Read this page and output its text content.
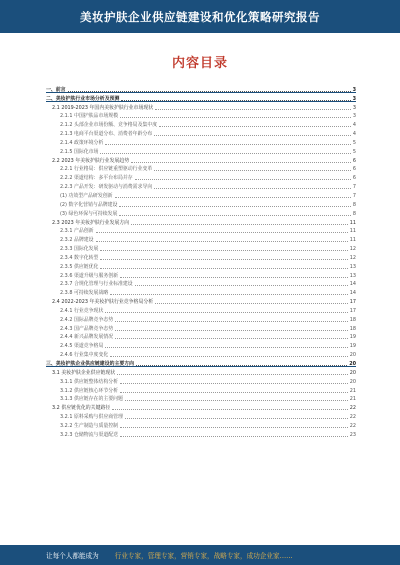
美妆护肤企业供应链建设和优化策略研究报告
内容目录
一、前言	3
二、美妆护肤行业市场分析及预测	3
2.1 2019-2023 年国内美妆护肤行业市场现状	3
2.1.1 中国护肤品市场规模	3
2.1.2 头部企业市场份额、竞争格局及集中度	4
2.1.3 电商平台渠道分布、消费者年龄分布	4
2.1.4 政策环境分析	5
2.1.5 国际化市场	5
2.2 2023 年美妆护肤行业发展趋势	6
2.2.1 行业格局：供应链重塑驱动行业变革	6
2.2.2 渠道结构：多平台布局并存	6
2.2.3 产品开发：研发驱动与消费需求导向	7
(1) 功效型产品研发创新	7
(2) 数字化营销与品牌建设	8
(3) 绿色环保与可持续发展	8
2.3 2023 年美妆护肤行业发展方向	11
2.3.1 产品创新	11
2.3.2 品牌建设	11
2.3.3 国际化发展	12
2.3.4 数字化转型	12
2.3.5 供应链优化	13
2.3.6 渠道升级与服务创新	13
2.3.7 合规化管理与行业标准建设	14
2.3.8 可持续发展战略	14
2.4 2022-2023 年美妆护肤行业竞争格局分析	17
2.4.1 行业竞争现状	17
2.4.2 国际品牌竞争态势	18
2.4.3 国产品牌竞争态势	18
2.4.4 新兴品牌发展情况	19
2.4.5 渠道竞争格局	19
2.4.6 行业集中度变化	20
三、美妆护肤企业供应链建设的主要方向	20
3.1 美妆护肤企业供应链现状	20
3.1.1 供应链整体结构分析	20
3.1.2 供应链核心环节分析	21
3.1.3 供应链存在的主要问题	21
3.2 供应链优化的关键路径	22
3.2.1 原料采购与供应商管理	22
3.2.2 生产制造与质量控制	22
3.2.3 仓储物流与渠道配送	23
让每个人都能成为	行业专家，管理专家，营销专家，战略专家，成功企业家……
